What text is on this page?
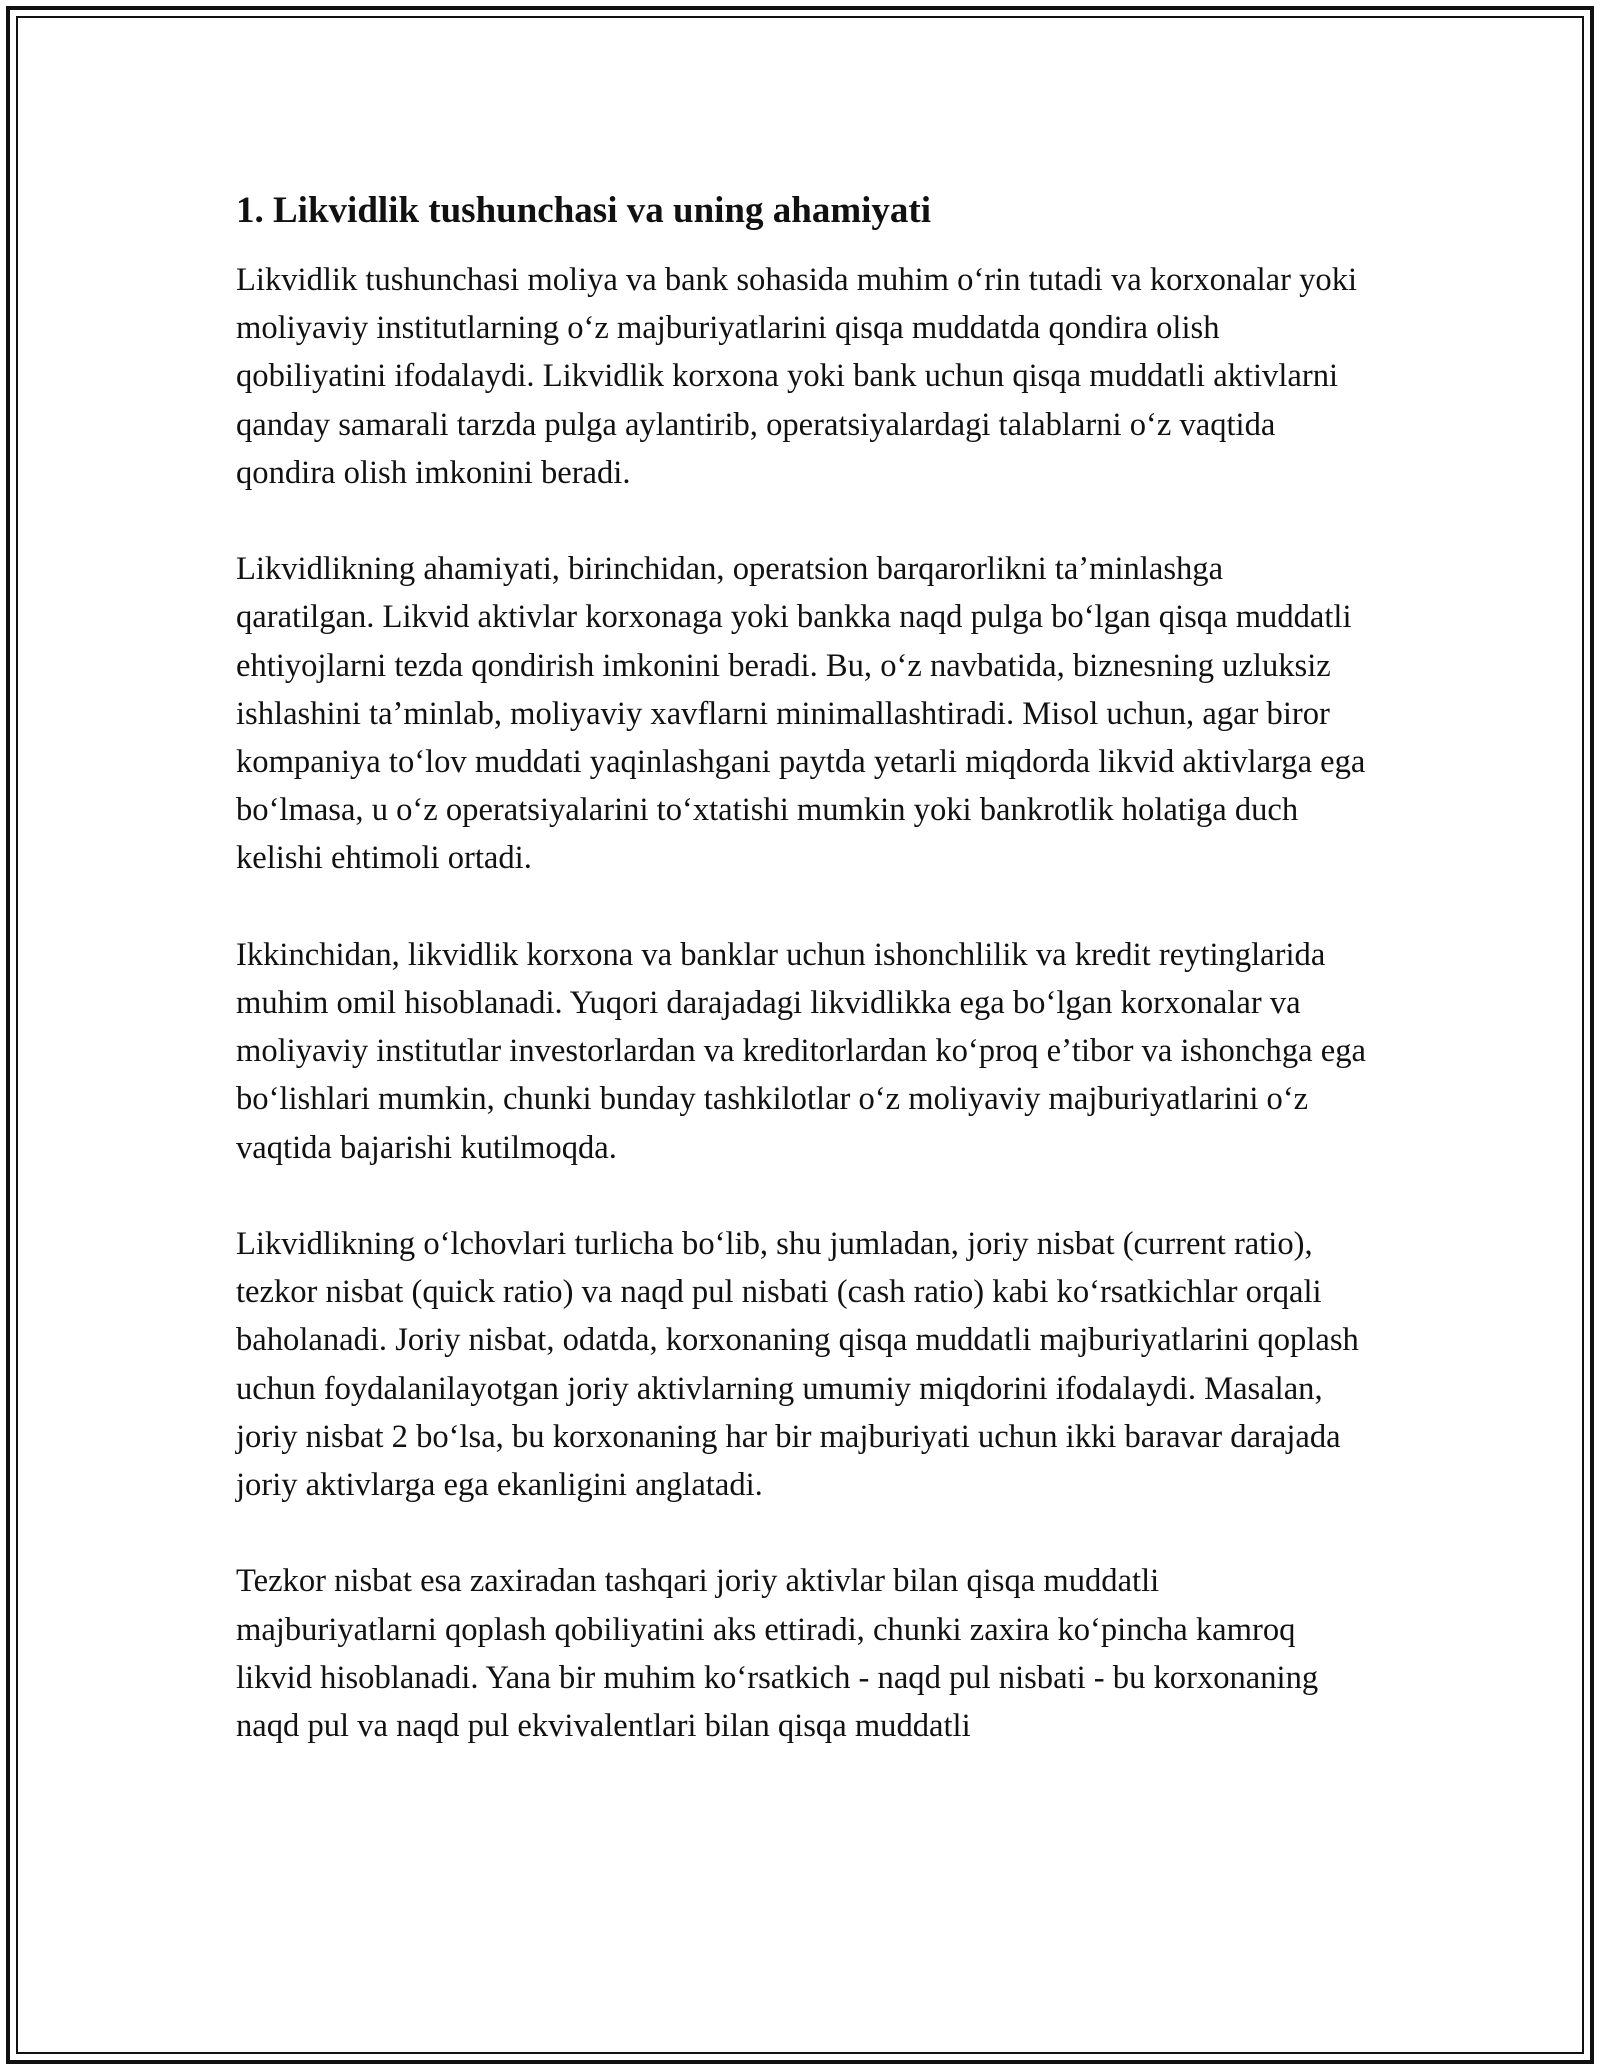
1. Likvidlik tushunchasi va uning ahamiyati

Likvidlik tushunchasi moliya va bank sohasida muhim oʻrin tutadi va korxonalar yoki moliyaviy institutlarning oʻz majburiyatlarini qisqa muddatda qondira olish qobiliyatini ifodalaydi. Likvidlik korxona yoki bank uchun qisqa muddatli aktivlarni qanday samarali tarzda pulga aylantirib, operatsiyalardagi talablarni oʻz vaqtida qondira olish imkonini beradi.

Likvidlikning ahamiyati, birinchidan, operatsion barqarorlikni taʼminlashga qaratilgan. Likvid aktivlar korxonaga yoki bankka naqd pulga boʻlgan qisqa muddatli ehtiyojlarni tezda qondirish imkonini beradi. Bu, oʻz navbatida, biznesning uzluksiz ishlashini taʼminlab, moliyaviy xavflarni minimallashtiradi. Misol uchun, agar biror kompaniya toʻlov muddati yaqinlashgani paytda yetarli miqdorda likvid aktivlarga ega boʻlmasa, u oʻz operatsiyalarini toʻxtatishi mumkin yoki bankrotlik holatiga duch kelishi ehtimoli ortadi.

Ikkinchidan, likvidlik korxona va banklar uchun ishonchlilik va kredit reytinglarida muhim omil hisoblanadi. Yuqori darajadagi likvidlikka ega boʻlgan korxonalar va moliyaviy institutlar investorlardan va kreditorlardan koʻproq eʼtibor va ishonchga ega boʻlishlari mumkin, chunki bunday tashkilotlar oʻz moliyaviy majburiyatlarini oʻz vaqtida bajarishi kutilmoqda.

Likvidlikning oʻlchovlari turlicha boʻlib, shu jumladan, joriy nisbat (current ratio), tezkor nisbat (quick ratio) va naqd pul nisbati (cash ratio) kabi koʻrsatkichlar orqali baholanadi. Joriy nisbat, odatda, korxonaning qisqa muddatli majburiyatlarini qoplash uchun foydalanilayotgan joriy aktivlarning umumiy miqdorini ifodalaydi. Masalan, joriy nisbat 2 boʻlsa, bu korxonaning har bir majburiyati uchun ikki baravar darajada joriy aktivlarga ega ekanligini anglatadi.

Tezkor nisbat esa zaxiradan tashqari joriy aktivlar bilan qisqa muddatli majburiyatlarni qoplash qobiliyatini aks ettiradi, chunki zaxira koʻpincha kamroq likvid hisoblanadi. Yana bir muhim koʻrsatkich - naqd pul nisbati - bu korxonaning naqd pul va naqd pul ekvivalentlari bilan qisqa muddatli
